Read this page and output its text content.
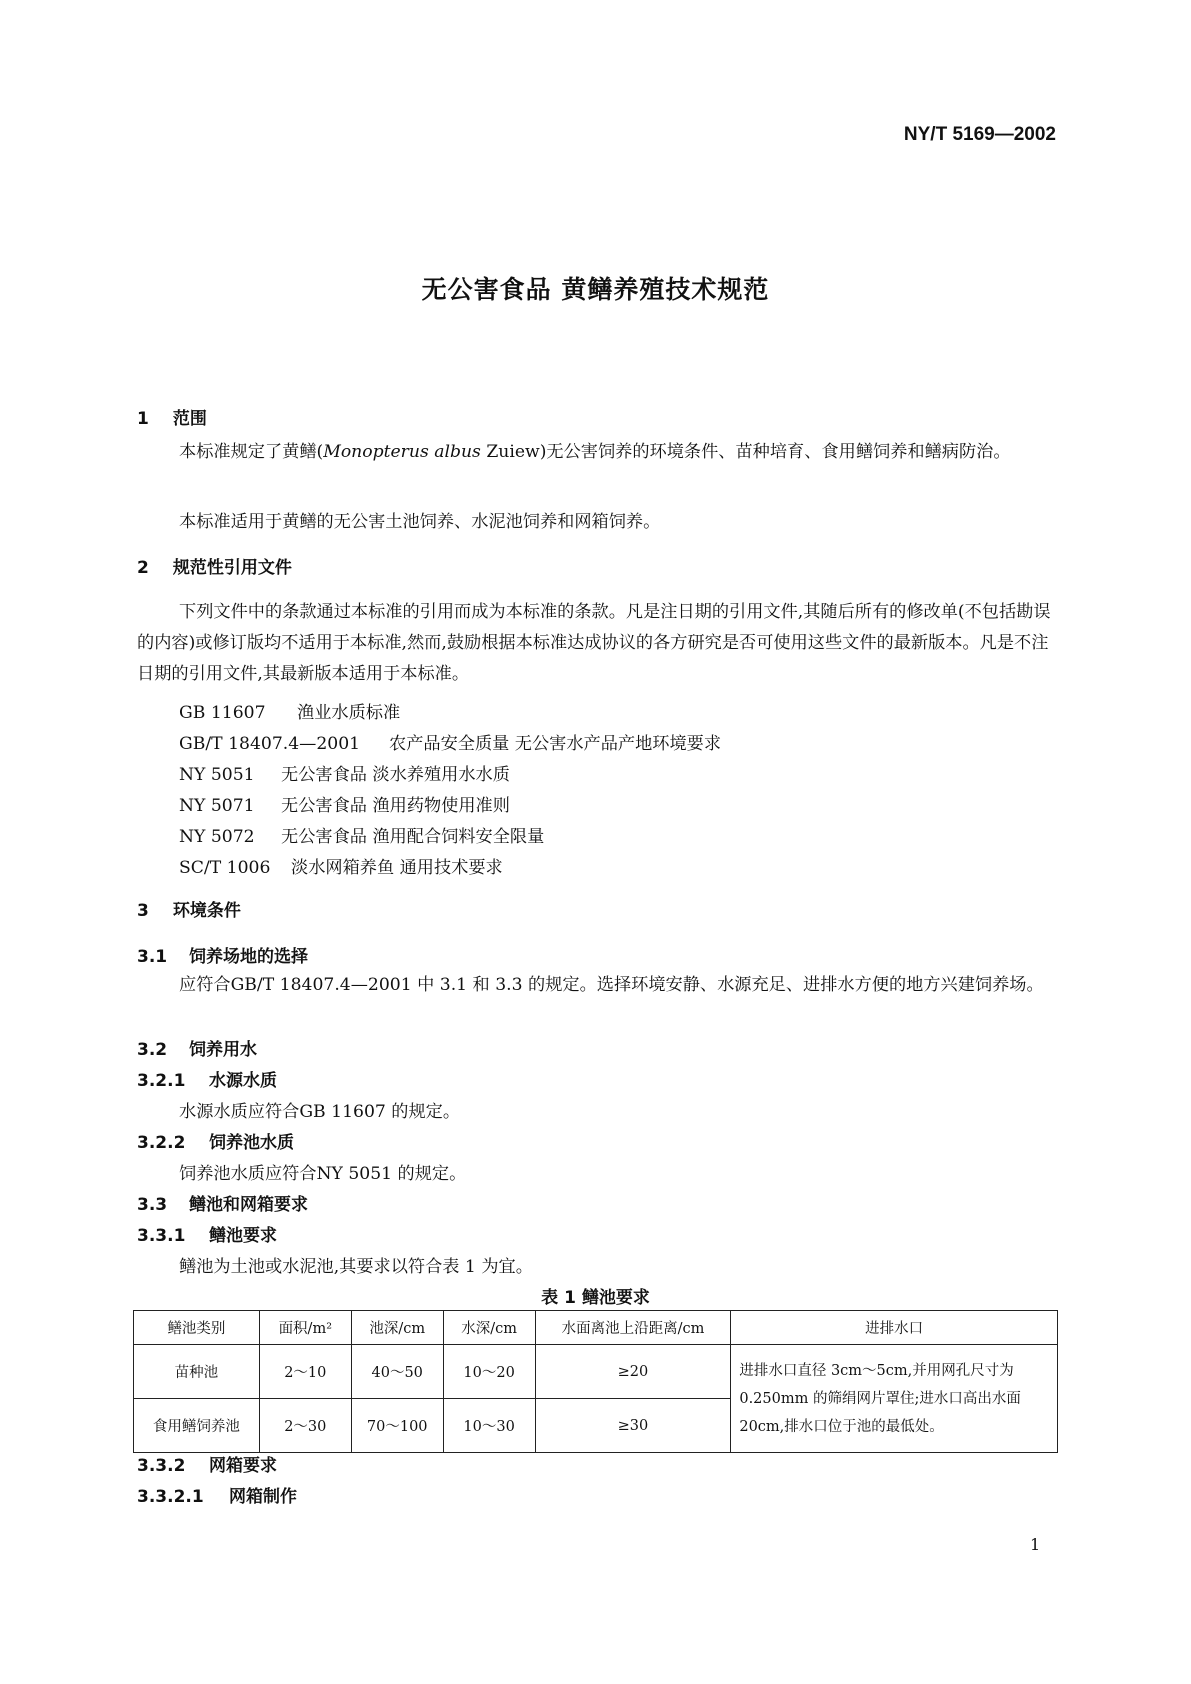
NY/T 5169—2002
无公害食品 黄鳝养殖技术规范
1 范围
本标准规定了黄鳝(Monopterus albus Zuiew)无公害饲养的环境条件、苗种培育、食用鳝饲养和鳝病防治。
本标准适用于黄鳝的无公害土池饲养、水泥池饲养和网箱饲养。
2 规范性引用文件
下列文件中的条款通过本标准的引用而成为本标准的条款。凡是注日期的引用文件,其随后所有的修改单(不包括勘误的内容)或修订版均不适用于本标准,然而,鼓励根据本标准达成协议的各方研究是否可使用这些文件的最新版本。凡是不注日期的引用文件,其最新版本适用于本标准。
GB 11607 渔业水质标准
GB/T 18407.4—2001 农产品安全质量 无公害水产品产地环境要求
NY 5051 无公害食品 淡水养殖用水水质
NY 5071 无公害食品 渔用药物使用准则
NY 5072 无公害食品 渔用配合饲料安全限量
SC/T 1006 淡水网箱养鱼 通用技术要求
3 环境条件
3.1 饲养场地的选择
应符合GB/T 18407.4—2001 中 3.1 和 3.3 的规定。选择环境安静、水源充足、进排水方便的地方兴建饲养场。
3.2 饲养用水
3.2.1 水源水质
水源水质应符合GB 11607 的规定。
3.2.2 饲养池水质
饲养池水质应符合NY 5051 的规定。
3.3 鳝池和网箱要求
3.3.1 鳝池要求
鳝池为土池或水泥池,其要求以符合表 1 为宜。
表 1 鳝池要求
鳝池类别	面积/m²	池深/cm	水深/cm	水面离池上沿距离/cm	进排水口
苗种池	2～10	40～50	10～20	≥20	进排水口直径 3cm～5cm,并用网孔尺寸为 0.250mm 的筛绢网片罩住;进水口高出水面 20cm,排水口位于池的最低处。
食用鳝饲养池	2～30	70～100	10～30	≥30	
3.3.2 网箱要求
3.3.2.1 网箱制作
1
